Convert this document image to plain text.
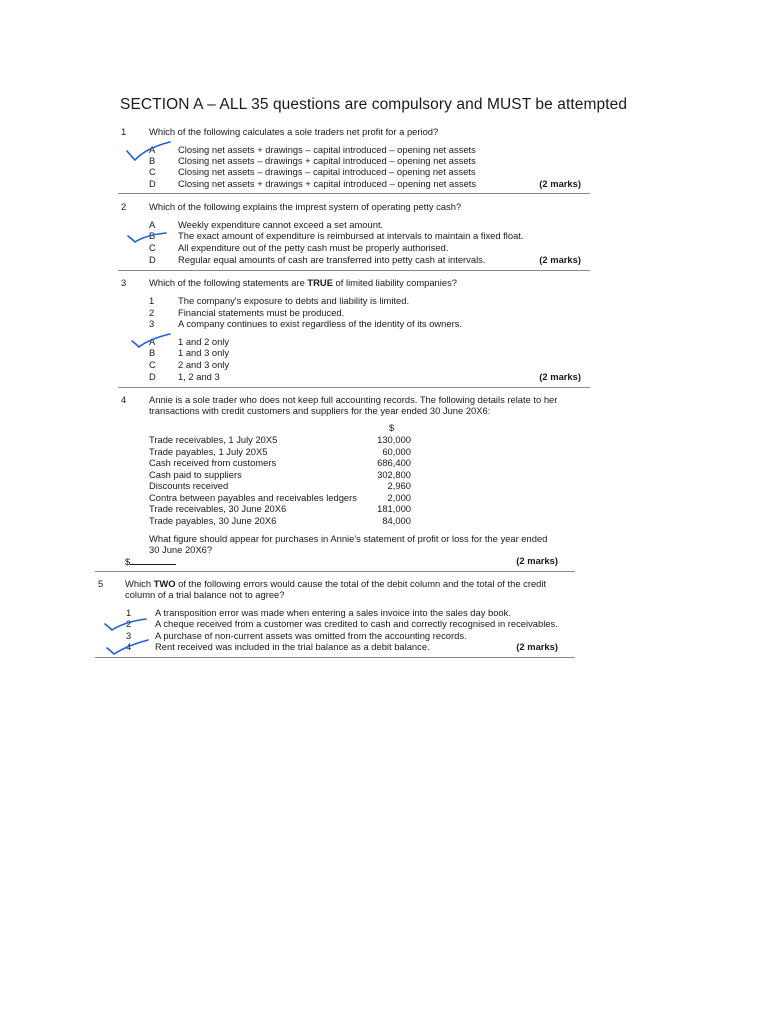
SECTION A – ALL 35 questions are compulsory and MUST be attempted
1 Which of the following calculates a sole traders net profit for a period?
A Closing net assets + drawings – capital introduced – opening net assets
B Closing net assets – drawings + capital introduced – opening net assets
C Closing net assets – drawings – capital introduced – opening net assets
D Closing net assets + drawings + capital introduced – opening net assets	(2 marks)
2 Which of the following explains the imprest system of operating petty cash?
A Weekly expenditure cannot exceed a set amount.
B The exact amount of expenditure is reimbursed at intervals to maintain a fixed float.
C All expenditure out of the petty cash must be properly authorised.
D Regular equal amounts of cash are transferred into petty cash at intervals.	(2 marks)
3 Which of the following statements are TRUE of limited liability companies?
1	The company's exposure to debts and liability is limited.
2	Financial statements must be produced.
3	A company continues to exist regardless of the identity of its owners.
A 1 and 2 only
B 1 and 3 only
C 2 and 3 only
D 1, 2 and 3	(2 marks)
4 Annie is a sole trader who does not keep full accounting records. The following details relate to her
transactions with credit customers and suppliers for the year ended 30 June 20X6:
$
Trade receivables, 1 July 20X5	130,000
Trade payables, 1 July 20X5	60,000
Cash received from customers	686,400
Cash paid to suppliers	302,800
Discounts received	2,960
Contra between payables and receivables ledgers	2,000
Trade receivables, 30 June 20X6	181,000
Trade payables, 30 June 20X6	84,000
What figure should appear for purchases in Annie's statement of profit or loss for the year ended
30 June 20X6?
$	(2 marks)
5 Which TWO of the following errors would cause the total of the debit column and the total of the credit
column of a trial balance not to agree?
1	A transposition error was made when entering a sales invoice into the sales day book.
2	A cheque received from a customer was credited to cash and correctly recognised in receivables.
3	A purchase of non-current assets was omitted from the accounting records.
4	Rent received was included in the trial balance as a debit balance.	(2 marks)
